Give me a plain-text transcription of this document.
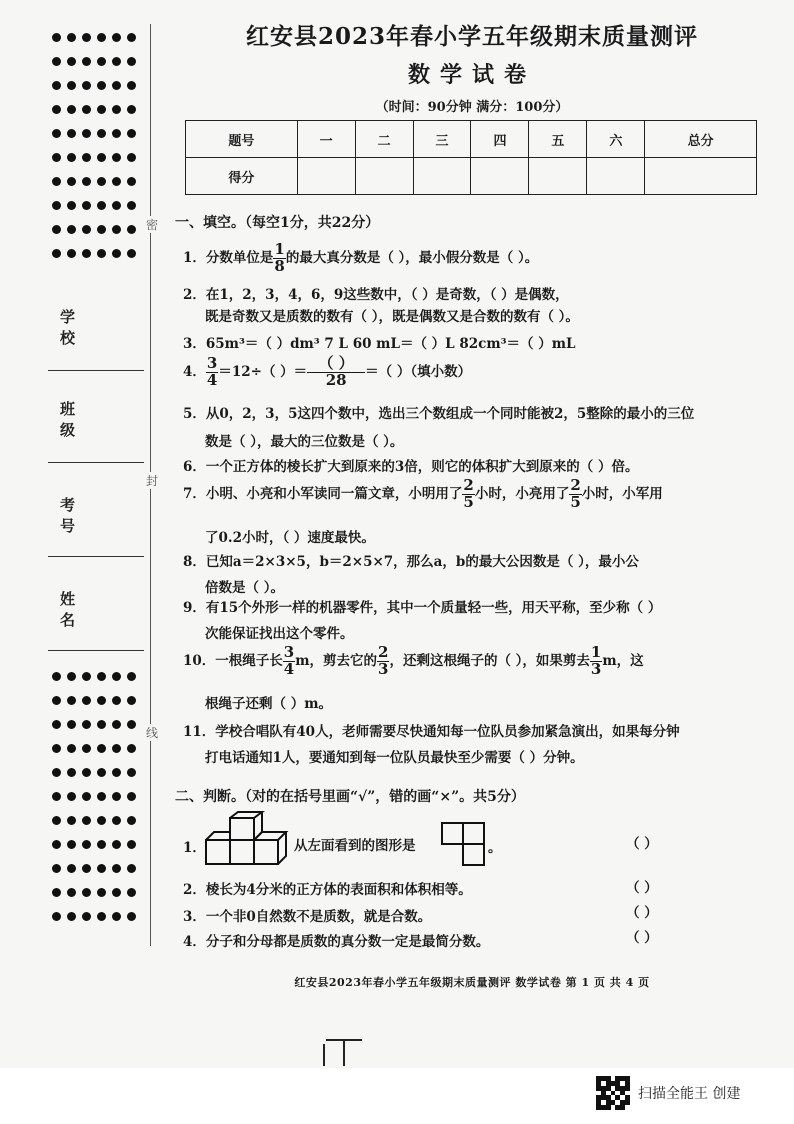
学校
班级
考号
姓名
密
封
线
红安县2023年春小学五年级期末质量测评
数学试卷
（时间：90分钟 满分：100分）
题号	一	二	三	四	五	六	总分
得分							
一、填空。（每空1分，共22分）
1．分数单位是 $\frac{1}{8}$ 的最大真分数是（ ），最小假分数是（ ）。
2．在1，2，3，4，6，9这些数中，（ ）是奇数，（ ）是偶数，
既是奇数又是质数的数有（ ），既是偶数又是合数的数有（ ）。
3．65m³＝（ ）dm³ 7 L 60 mL＝（ ）L 82cm³＝（ ）mL
4． $\frac{3}{4} =12\div$（ ）＝ $\frac{( )}{28}$ ＝（ ）（填小数）
5．从0，2，3，5这四个数中，选出三个数组成一个同时能被2，5整除的最小的三位
数是（ ），最大的三位数是（ ）。
6．一个正方体的棱长扩大到原来的3倍，则它的体积扩大到原来的（ ）倍。
7．小明、小亮和小军读同一篇文章，小明用了 $\frac{2}{5}$ 小时，小亮用了 $\frac{2}{5}$ 小时，小军用
了0.2小时，（ ）速度最快。
8．已知a＝2×3×5，b＝2×5×7，那么a，b的最大公因数是（ ），最小公
倍数是（ ）。
9．有15个外形一样的机器零件，其中一个质量轻一些，用天平称，至少称（ ）
次能保证找出这个零件。
10．一根绳子长 $\frac{3}{4}$ m，剪去它的 $\frac{2}{3}$ ，还剩这根绳子的（ ），如果剪去 $\frac{1}{3}$ m，这
根绳子还剩（ ）m。
11．学校合唱队有40人，老师需要尽快通知每一位队员参加紧急演出，如果每分钟
打电话通知1人，要通知到每一位队员最快至少需要（ ）分钟。
二、判断。（对的在括号里画“√”，错的画“×”。共5分）
1．	从左面看到的图形是	。	（ ）
2．棱长为4分米的正方体的表面积和体积相等。	（ ）
3．一个非0自然数不是质数，就是合数。	（ ）
4．分子和分母都是质数的真分数一定是最简分数。	（ ）
红安县2023年春小学五年级期末质量测评 数学试卷 第 1 页 共 4 页
扫描全能王 创建
